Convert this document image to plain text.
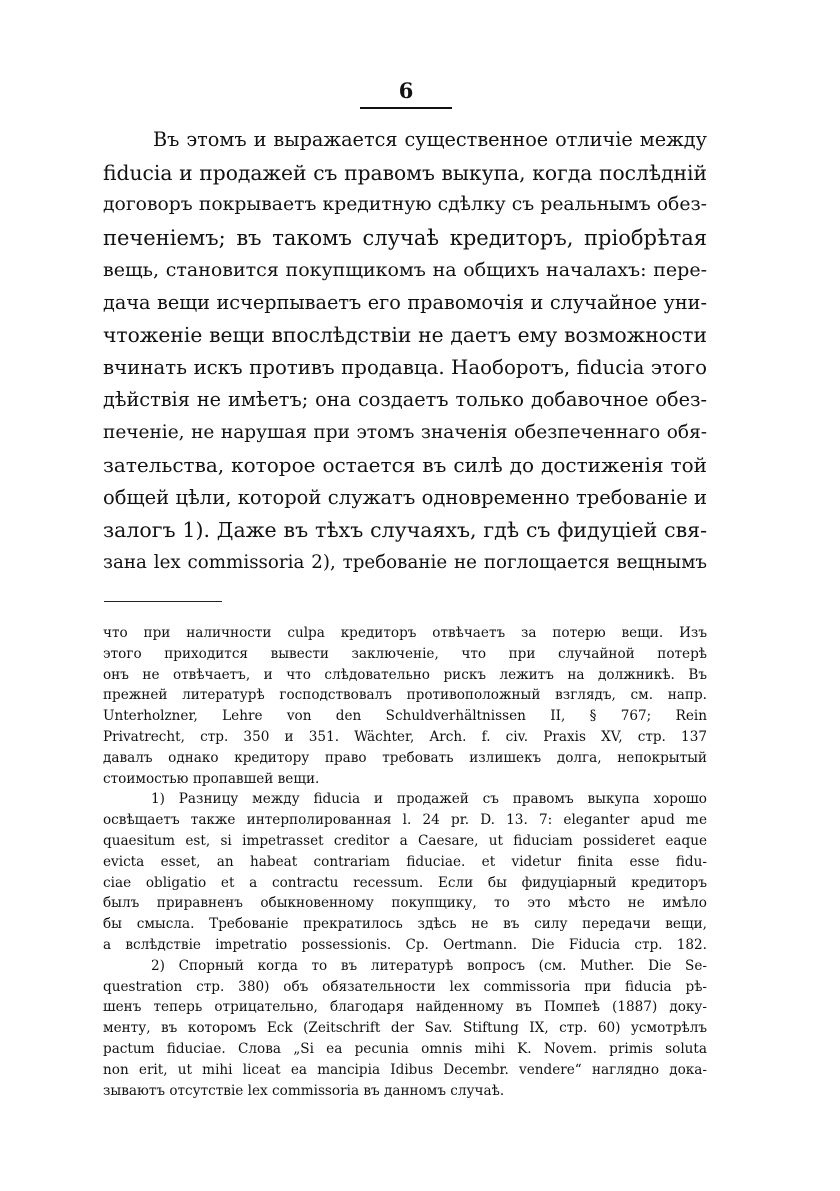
6
Въ этомъ и выражается существенное отличiе между
fiducia и продажей съ правомъ выкупа, когда послѣднiй
договоръ покрываетъ кредитную сдѣлку съ реальнымъ обез-
печенiемъ; въ такомъ случаѣ кредиторъ, прiобрѣтая
вещь, становится покупщикомъ на общихъ началахъ: пере-
дача вещи исчерпываетъ его правомочiя и случайное уни-
чтоженiе вещи впослѣдствiи не даетъ ему возможности
вчинать искъ противъ продавца. Наоборотъ, fiducia этого
дѣйствiя не имѣетъ; она создаетъ только добавочное обез-
печенiе, не нарушая при этомъ значенiя обезпеченнаго обя-
зательства, которое остается въ силѣ до достиженiя той
общей цѣли, которой служатъ одновременно требованiе и
залогъ 1). Даже въ тѣхъ случаяхъ, гдѣ съ фидуцiей свя-
зана lex commissoria 2), требованiе не поглощается вещнымъ
что при наличности culpa кредиторъ отвѣчаетъ за потерю вещи. Изъ
этого приходится вывести заключенiе, что при случайной потерѣ
онъ не отвѣчаетъ, и что слѣдовательно рискъ лежитъ на должникѣ. Въ
прежней литературѣ господствовалъ противоположный взглядъ, см. напр.
Unterholzner, Lehre von den Schuldverhältnissen II, § 767; Rein
Privatrecht, стр. 350 и 351. Wächter, Arch. f. civ. Praxis XV, стр. 137
давалъ однако кредитору право требовать излишекъ долга, непокрытый
стоимостью пропавшей вещи.
1) Разницу между fiducia и продажей съ правомъ выкупа хорошо
освѣщаетъ также интерполированная l. 24 pr. D. 13. 7: eleganter apud me
quaesitum est, si impetrasset creditor a Caesare, ut fiduciam possideret eaque
evicta esset, an habeat contrariam fiduciae. et videtur finita esse fidu-
ciae obligatio et a contractu recessum. Если бы фидуцiарный кредиторъ
былъ приравненъ обыкновенному покупщику, то это мѣсто не имѣло
бы смысла. Требованiе прекратилось здѣсь не въ силу передачи вещи,
а вслѣдствiе impetratio possessionis. Ср. Oertmann. Die Fiducia стр. 182.
2) Спорный когда то въ литературѣ вопросъ (см. Muther. Die Se-
questration стр. 380) объ обязательности lex commissoria при fiducia рѣ-
шенъ теперь отрицательно, благодаря найденному въ Помпеѣ (1887) доку-
менту, въ которомъ Eck (Zeitschrift der Sav. Stiftung IX, стр. 60) усмотрѣлъ
pactum fiduciae. Слова „Si ea pecunia omnis mihi K. Novem. primis soluta
non erit, ut mihi liceat ea mancipia Idibus Decembr. vendere“ наглядно дока-
зываютъ отсутствiе lex commissoria въ данномъ случаѣ.
